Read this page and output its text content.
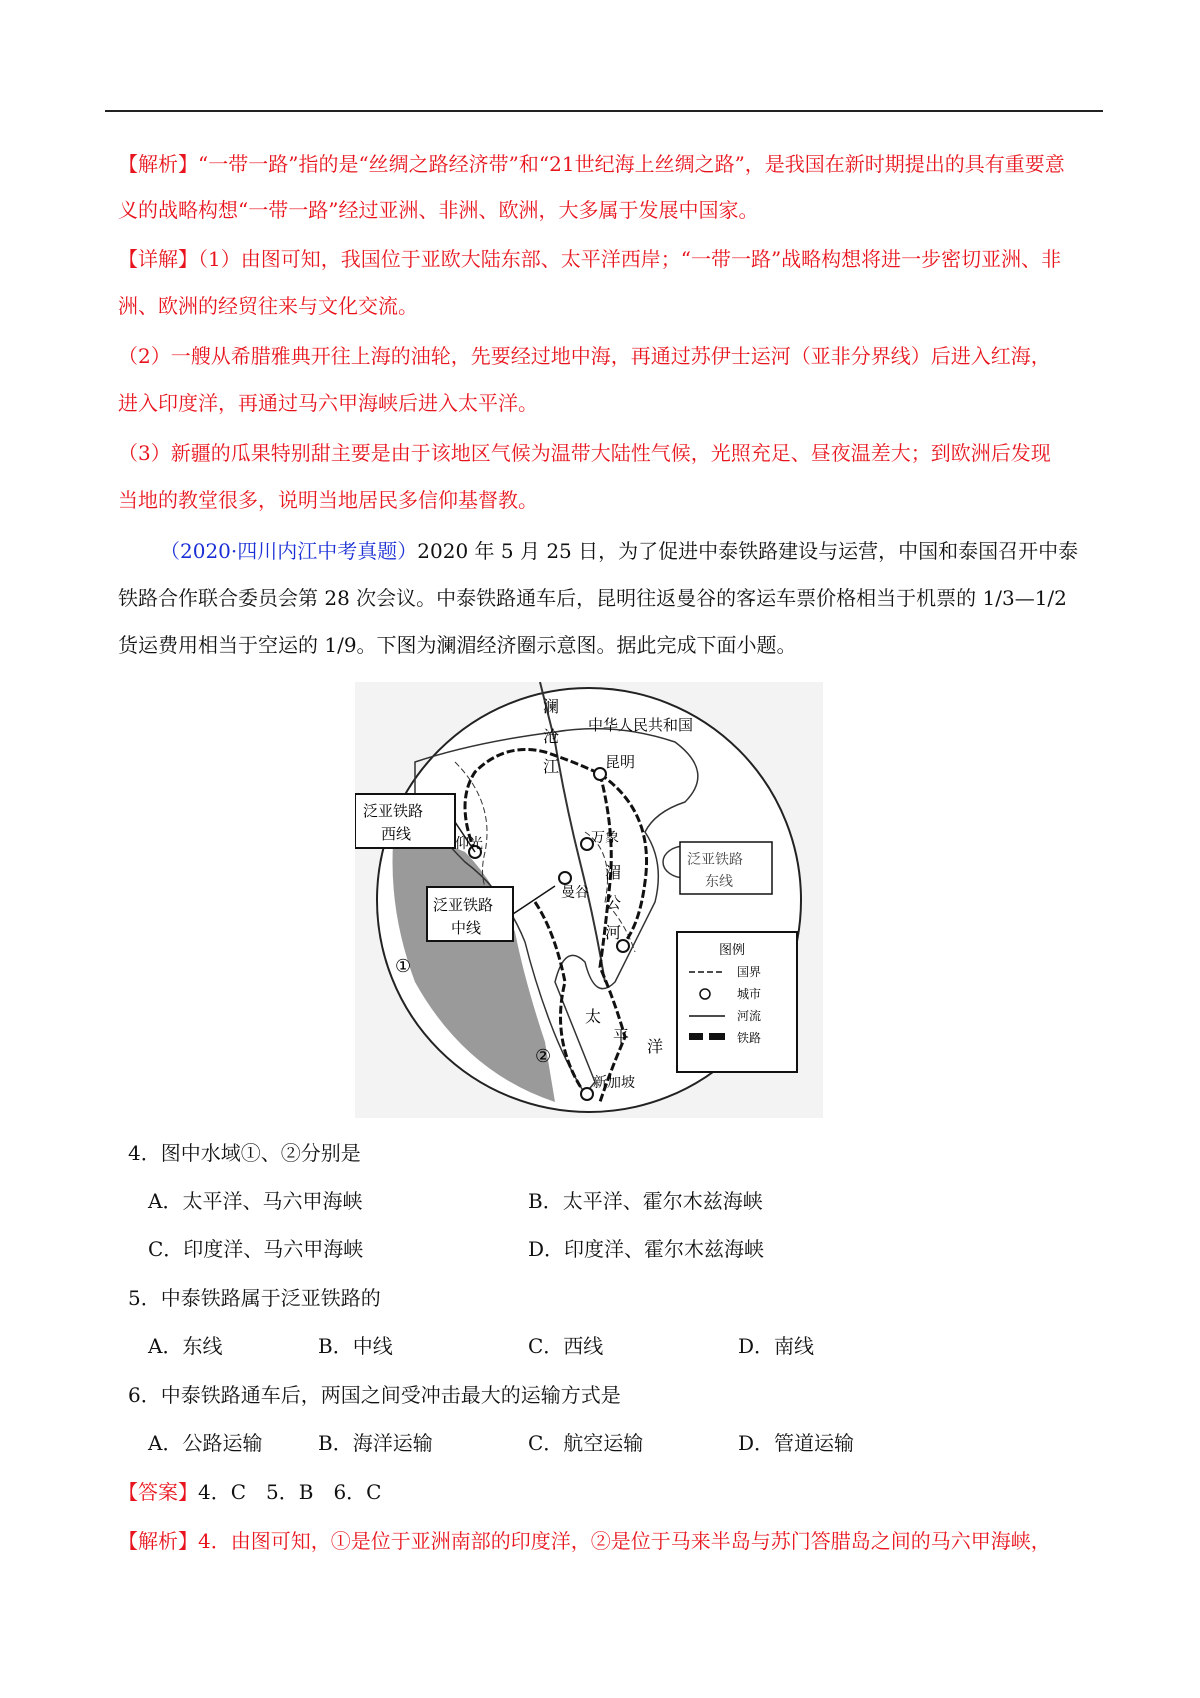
【解析】“一带一路”指的是“丝绸之路经济带”和“21世纪海上丝绸之路”，是我国在新时期提出的具有重要意
义的战略构想“一带一路”经过亚洲、非洲、欧洲，大多属于发展中国家。
【详解】（1）由图可知，我国位于亚欧大陆东部、太平洋西岸；“一带一路”战略构想将进一步密切亚洲、非
洲、欧洲的经贸往来与文化交流。
（2）一艘从希腊雅典开往上海的油轮，先要经过地中海，再通过苏伊士运河（亚非分界线）后进入红海，
进入印度洋，再通过马六甲海峡后进入太平洋。
（3）新疆的瓜果特别甜主要是由于该地区气候为温带大陆性气候，光照充足、昼夜温差大；到欧洲后发现
当地的教堂很多，说明当地居民多信仰基督教。
（2020·四川内江中考真题）2020 年 5 月 25 日，为了促进中泰铁路建设与运营，中国和泰国召开中泰
铁路合作联合委员会第 28 次会议。中泰铁路通车后，昆明往返曼谷的客运车票价格相当于机票的 1/3—1/2
货运费用相当于空运的 1/9。下图为澜湄经济圈示意图。据此完成下面小题。
澜
沧
江
中华人民共和国
昆明
泛亚铁路
西线
仰光
泛亚铁路
中线
泛亚铁路
东线
万象
湄
公
河
曼谷
①
②
太
平
洋
新加坡
图例
国界
城市
河流
铁路
4．图中水域①、②分别是
A．太平洋、马六甲海峡	B．太平洋、霍尔木兹海峡
C．印度洋、马六甲海峡	D．印度洋、霍尔木兹海峡
5．中泰铁路属于泛亚铁路的
A．东线	B．中线	C．西线	D．南线
6．中泰铁路通车后，两国之间受冲击最大的运输方式是
A．公路运输	B．海洋运输	C．航空运输	D．管道运输
【答案】4．C　5．B　6．C
【解析】4．由图可知，①是位于亚洲南部的印度洋，②是位于马来半岛与苏门答腊岛之间的马六甲海峡，
